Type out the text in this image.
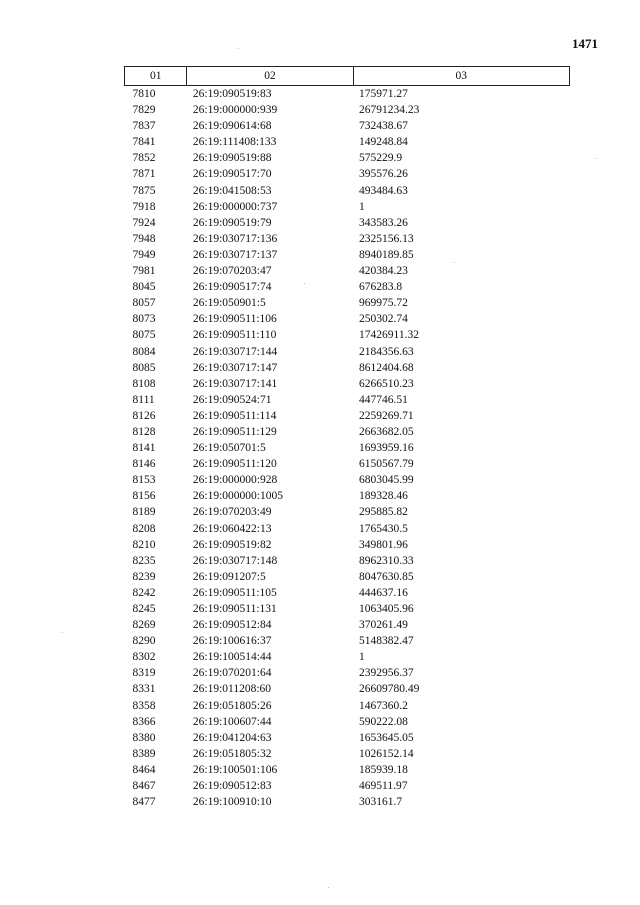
1471
01	02	03
7810	26:19:090519:83	175971.27
7829	26:19:000000:939	26791234.23
7837	26:19:090614:68	732438.67
7841	26:19:111408:133	149248.84
7852	26:19:090519:88	575229.9
7871	26:19:090517:70	395576.26
7875	26:19:041508:53	493484.63
7918	26:19:000000:737	1
7924	26:19:090519:79	343583.26
7948	26:19:030717:136	2325156.13
7949	26:19:030717:137	8940189.85
7981	26:19:070203:47	420384.23
8045	26:19:090517:74	676283.8
8057	26:19:050901:5	969975.72
8073	26:19:090511:106	250302.74
8075	26:19:090511:110	17426911.32
8084	26:19:030717:144	2184356.63
8085	26:19:030717:147	8612404.68
8108	26:19:030717:141	6266510.23
8111	26:19:090524:71	447746.51
8126	26:19:090511:114	2259269.71
8128	26:19:090511:129	2663682.05
8141	26:19:050701:5	1693959.16
8146	26:19:090511:120	6150567.79
8153	26:19:000000:928	6803045.99
8156	26:19:000000:1005	189328.46
8189	26:19:070203:49	295885.82
8208	26:19:060422:13	1765430.5
8210	26:19:090519:82	349801.96
8235	26:19:030717:148	8962310.33
8239	26:19:091207:5	8047630.85
8242	26:19:090511:105	444637.16
8245	26:19:090511:131	1063405.96
8269	26:19:090512:84	370261.49
8290	26:19:100616:37	5148382.47
8302	26:19:100514:44	1
8319	26:19:070201:64	2392956.37
8331	26:19:011208:60	26609780.49
8358	26:19:051805:26	1467360.2
8366	26:19:100607:44	590222.08
8380	26:19:041204:63	1653645.05
8389	26:19:051805:32	1026152.14
8464	26:19:100501:106	185939.18
8467	26:19:090512:83	469511.97
8477	26:19:100910:10	303161.7
